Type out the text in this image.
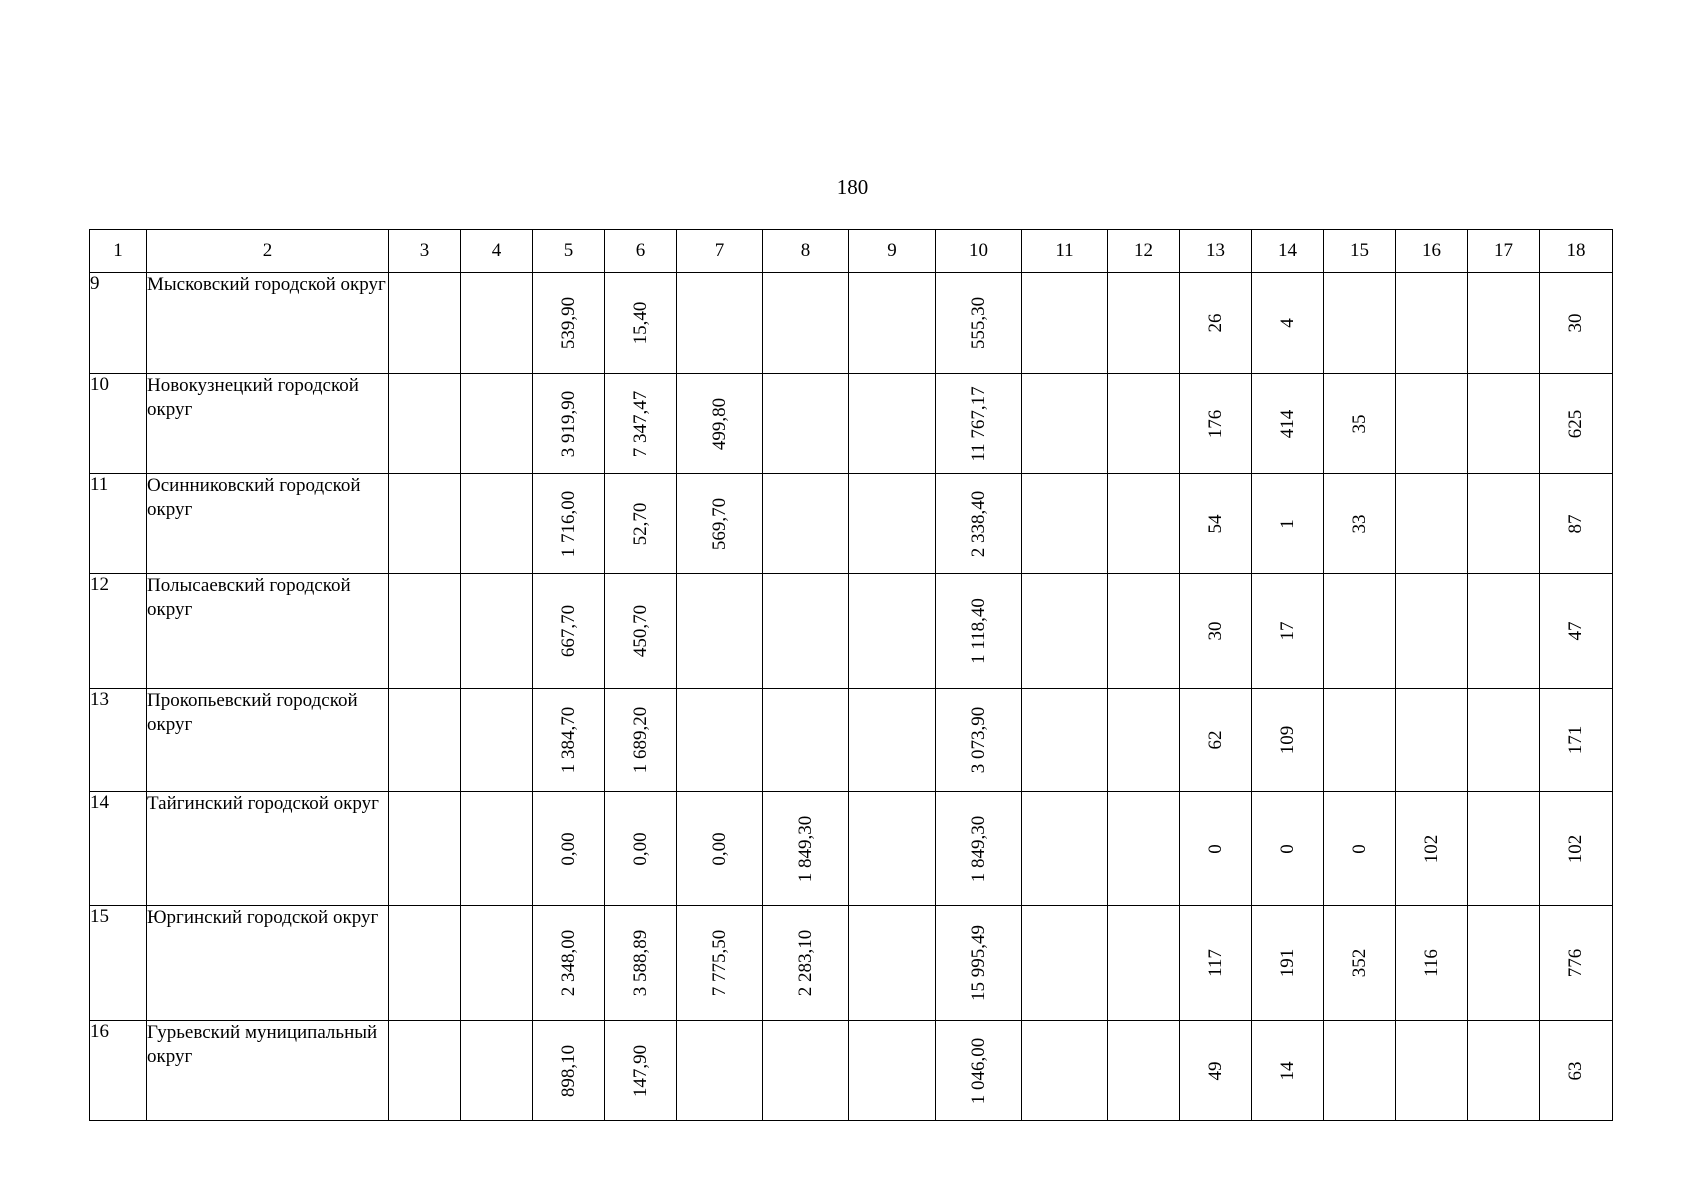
180
1	2	3	4	5	6	7	8	9	10	11	12	13	14	15	16	17	18
9	Мысковский городской округ			539,90	15,40				555,30			26	4				30

10	Новокузнецкий городской округ			3 919,90	7 347,47	499,80			11 767,17			176	414	35			625

11	Осинниковский городской округ			1 716,00	52,70	569,70			2 338,40			54	1	33			87

12	Полысаевский городской округ			667,70	450,70				1 118,40			30	17				47

13	Прокопьевский городской округ			1 384,70	1 689,20				3 073,90			62	109				171

14	Тайгинский городской округ			0,00	0,00	0,00	1 849,30		1 849,30			0	0	0	102		102

15	Юргинский городской округ			2 348,00	3 588,89	7 775,50	2 283,10		15 995,49			117	191	352	116		776

16	Гурьевский муниципальный округ			898,10	147,90				1 046,00			49	14				63
